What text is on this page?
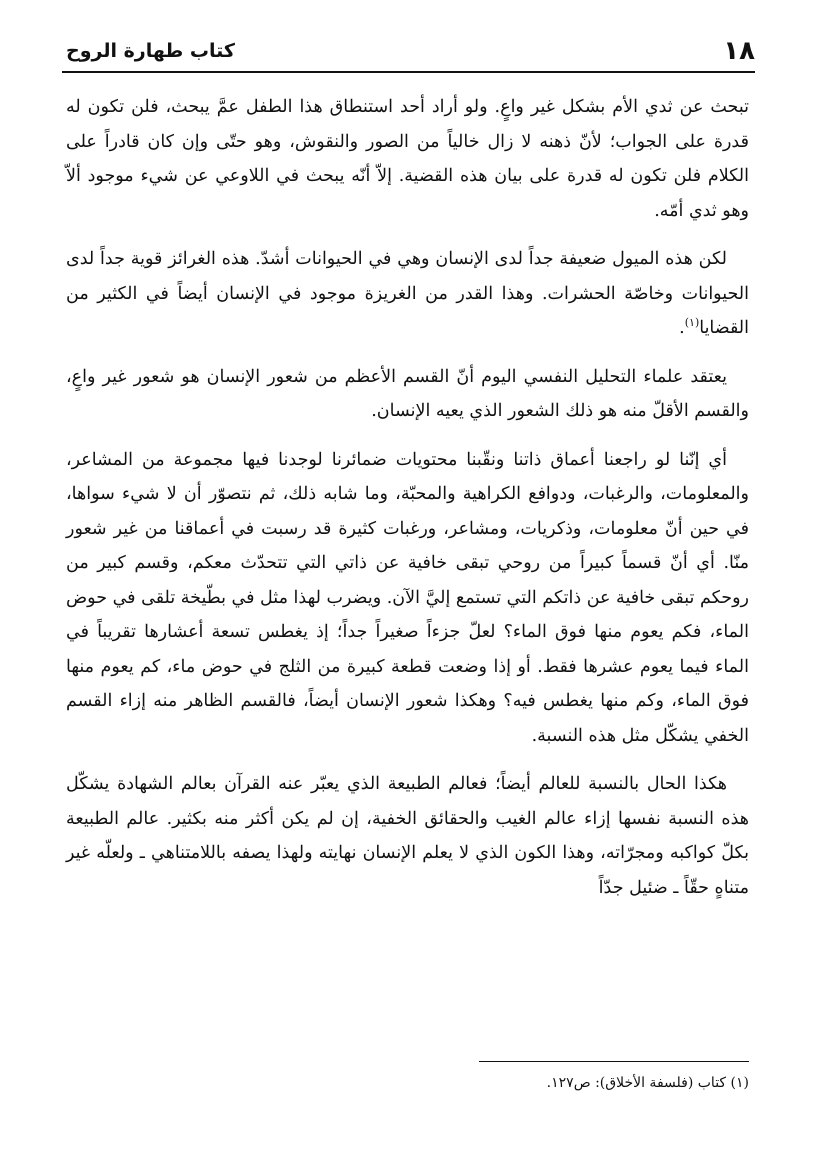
١٨
كتاب طهارة الروح

تبحث عن ثدي الأم بشكل غير واعٍ. ولو أراد أحد استنطاق هذا الطفل عمَّ يبحث، فلن تكون له قدرة على الجواب؛ لأنّ ذهنه لا زال خالياً من الصور والنقوش، وهو حتّى وإن كان قادراً على الكلام فلن تكون له قدرة على بيان هذه القضية. إلاّ أنّه يبحث في اللاوعي عن شيء موجود ألاّ وهو ثدي أمّه.

لكن هذه الميول ضعيفة جداً لدى الإنسان وهي في الحيوانات أشدّ. هذه الغرائز قوية جداً لدى الحيوانات وخاصّة الحشرات. وهذا القدر من الغريزة موجود في الإنسان أيضاً في الكثير من القضايا$^{(١)}$.

يعتقد علماء التحليل النفسي اليوم أنّ القسم الأعظم من شعور الإنسان هو شعور غير واعٍ، والقسم الأقلّ منه هو ذلك الشعور الذي يعيه الإنسان.

أي إنّنا لو راجعنا أعماق ذاتنا ونقّبنا محتويات ضمائرنا لوجدنا فيها مجموعة من المشاعر، والمعلومات، والرغبات، ودوافع الكراهية والمحبّة، وما شابه ذلك، ثم نتصوّر أن لا شيء سواها، في حين أنّ معلومات، وذكريات، ومشاعر، ورغبات كثيرة قد رسبت في أعماقنا من غير شعور منّا. أي أنّ قسماً كبيراً من روحي تبقى خافية عن ذاتي التي تتحدّث معكم، وقسم كبير من روحكم تبقى خافية عن ذاتكم التي تستمع إليَّ الآن. ويضرب لهذا مثل في بطّيخة تلقى في حوض الماء، فكم يعوم منها فوق الماء؟ لعلّ جزءاً صغيراً جداً؛ إذ يغطس تسعة أعشارها تقريباً في الماء فيما يعوم عشرها فقط. أو إذا وضعت قطعة كبيرة من الثلج في حوض ماء، كم يعوم منها فوق الماء، وكم منها يغطس فيه؟ وهكذا شعور الإنسان أيضاً، فالقسم الظاهر منه إزاء القسم الخفي يشكّل مثل هذه النسبة.

هكذا الحال بالنسبة للعالم أيضاً؛ فعالم الطبيعة الذي يعبّر عنه القرآن بعالم الشهادة يشكّل هذه النسبة نفسها إزاء عالم الغيب والحقائق الخفية، إن لم يكن أكثر منه بكثير. عالم الطبيعة بكلّ كواكبه ومجرّاته، وهذا الكون الذي لا يعلم الإنسان نهايته ولهذا يصفه باللامتناهي ـ ولعلّه غير متناهٍ حقّاً ـ ضئيل جدّاً

(١) كتاب (فلسفة الأخلاق): ص١٢٧.
